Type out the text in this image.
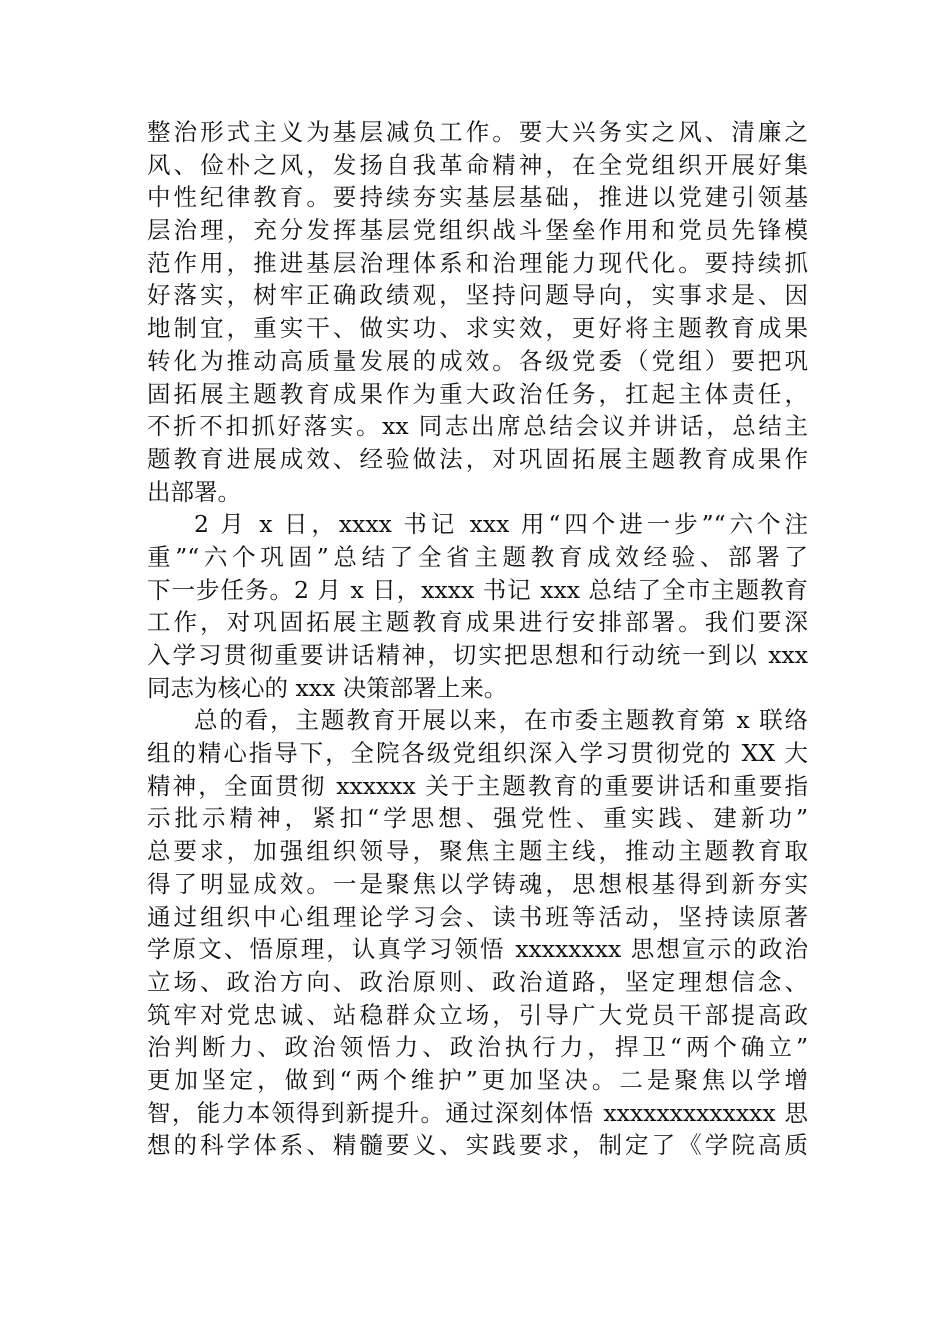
整治形式主义为基层减负工作。要大兴务实之风、清廉之
风、俭朴之风，发扬自我革命精神，在全党组织开展好集
中性纪律教育。要持续夯实基层基础，推进以党建引领基
层治理，充分发挥基层党组织战斗堡垒作用和党员先锋模
范作用，推进基层治理体系和治理能力现代化。要持续抓
好落实，树牢正确政绩观，坚持问题导向，实事求是、因
地制宜，重实干、做实功、求实效，更好将主题教育成果
转化为推动高质量发展的成效。各级党委（党组）要把巩
固拓展主题教育成果作为重大政治任务，扛起主体责任，
不折不扣抓好落实。xx 同志出席总结会议并讲话，总结主
题教育进展成效、经验做法，对巩固拓展主题教育成果作
出部署。
2 月 x 日，xxxx 书记 xxx 用“四个进一步”“六个注
重”“六个巩固”总结了全省主题教育成效经验、部署了
下一步任务。2 月 x 日，xxxx 书记 xxx 总结了全市主题教育
工作，对巩固拓展主题教育成果进行安排部署。我们要深
入学习贯彻重要讲话精神，切实把思想和行动统一到以 xxx
同志为核心的 xxx 决策部署上来。
总的看，主题教育开展以来，在市委主题教育第 x 联络
组的精心指导下，全院各级党组织深入学习贯彻党的 XX 大
精神，全面贯彻 xxxxxx 关于主题教育的重要讲话和重要指
示批示精神，紧扣“学思想、强党性、重实践、建新功”
总要求，加强组织领导，聚焦主题主线，推动主题教育取
得了明显成效。一是聚焦以学铸魂，思想根基得到新夯实
通过组织中心组理论学习会、读书班等活动，坚持读原著
学原文、悟原理，认真学习领悟 xxxxxxxx 思想宣示的政治
立场、政治方向、政治原则、政治道路，坚定理想信念、
筑牢对党忠诚、站稳群众立场，引导广大党员干部提高政
治判断力、政治领悟力、政治执行力，捍卫“两个确立”
更加坚定，做到“两个维护”更加坚决。二是聚焦以学增
智，能力本领得到新提升。通过深刻体悟 xxxxxxxxxxxxx 思
想的科学体系、精髓要义、实践要求，制定了《学院高质
